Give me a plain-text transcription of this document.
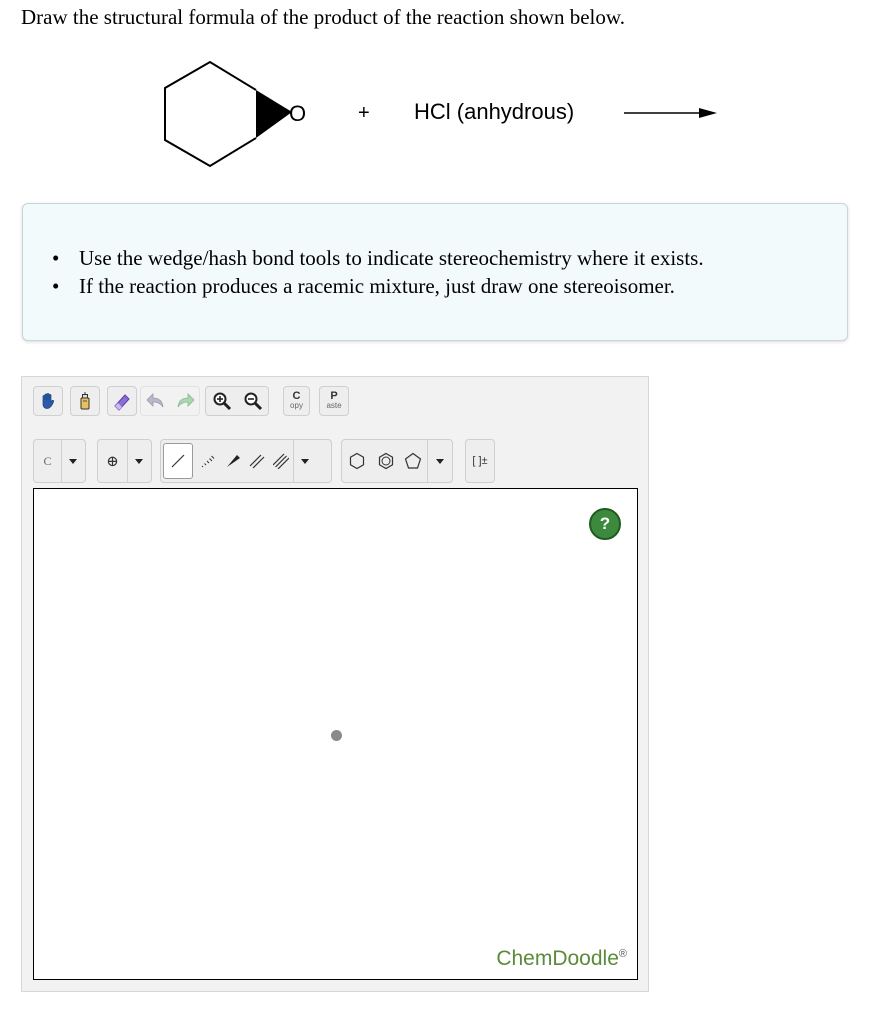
Draw the structural formula of the product of the reaction shown below.
O	+ HCl (anhydrous)
• Use the wedge/hash bond tools to indicate stereochemistry where it exists.
• If the reaction produces a racemic mixture, just draw one stereoisomer.
C
opy
P
aste
C	⊕	[ ]±
?
ChemDoodle®
